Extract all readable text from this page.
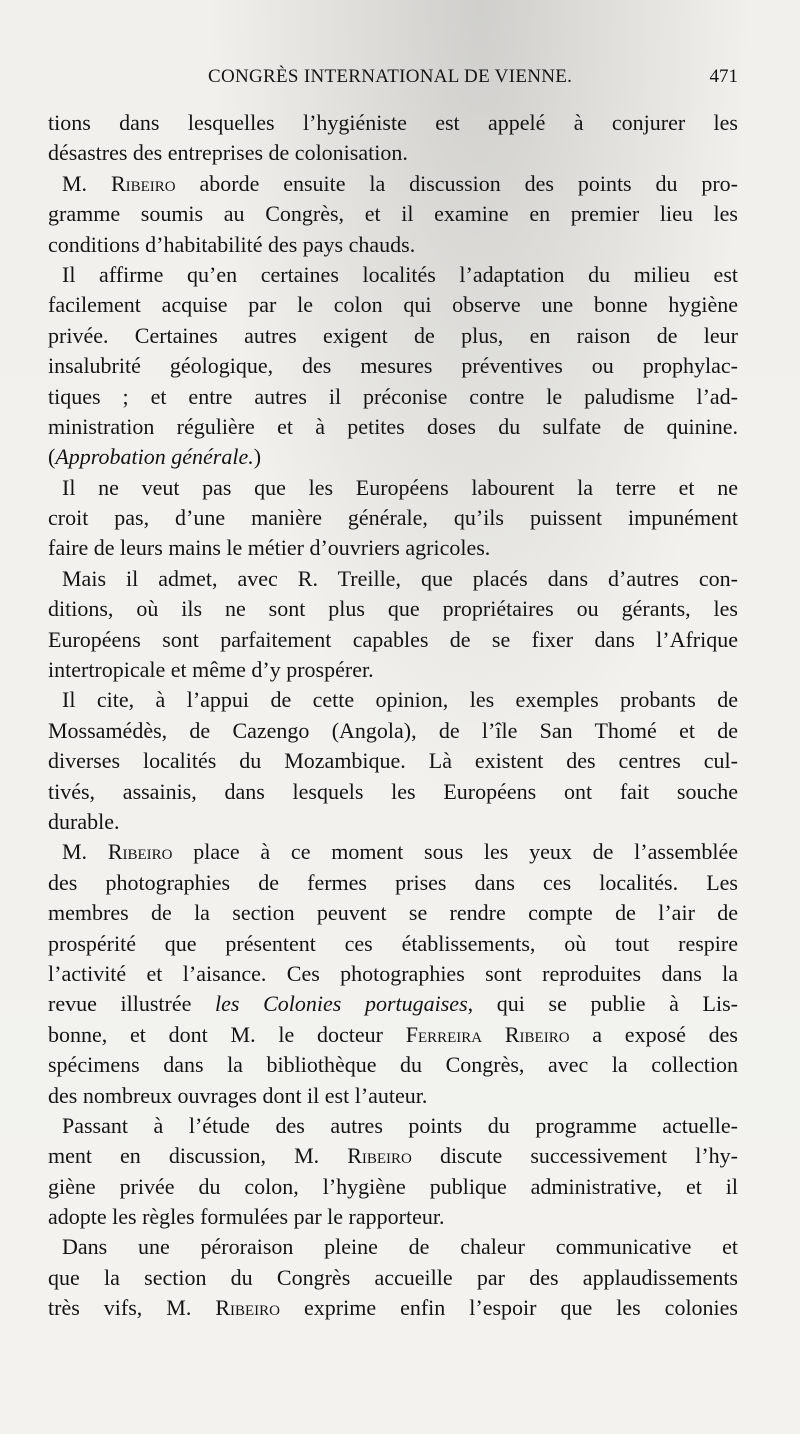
CONGRÈS INTERNATIONAL DE VIENNE.	471
tions dans lesquelles l’hygiéniste est appelé à conjurer les
désastres des entreprises de colonisation.
M. Ribeiro aborde ensuite la discussion des points du pro-
gramme soumis au Congrès, et il examine en premier lieu les
conditions d’habitabilité des pays chauds.
Il affirme qu’en certaines localités l’adaptation du milieu est
facilement acquise par le colon qui observe une bonne hygiène
privée. Certaines autres exigent de plus, en raison de leur
insalubrité géologique, des mesures préventives ou prophylac-
tiques ; et entre autres il préconise contre le paludisme l’ad-
ministration régulière et à petites doses du sulfate de quinine.
(Approbation générale.)
Il ne veut pas que les Européens labourent la terre et ne
croit pas, d’une manière générale, qu’ils puissent impunément
faire de leurs mains le métier d’ouvriers agricoles.
Mais il admet, avec R. Treille, que placés dans d’autres con-
ditions, où ils ne sont plus que propriétaires ou gérants, les
Européens sont parfaitement capables de se fixer dans l’Afrique
intertropicale et même d’y prospérer.
Il cite, à l’appui de cette opinion, les exemples probants de
Mossamédès, de Cazengo (Angola), de l’île San Thomé et de
diverses localités du Mozambique. Là existent des centres cul-
tivés, assainis, dans lesquels les Européens ont fait souche
durable.
M. Ribeiro place à ce moment sous les yeux de l’assemblée
des photographies de fermes prises dans ces localités. Les
membres de la section peuvent se rendre compte de l’air de
prospérité que présentent ces établissements, où tout respire
l’activité et l’aisance. Ces photographies sont reproduites dans la
revue illustrée les Colonies portugaises, qui se publie à Lis-
bonne, et dont M. le docteur Ferreira Ribeiro a exposé des
spécimens dans la bibliothèque du Congrès, avec la collection
des nombreux ouvrages dont il est l’auteur.
Passant à l’étude des autres points du programme actuelle-
ment en discussion, M. Ribeiro discute successivement l’hy-
giène privée du colon, l’hygiène publique administrative, et il
adopte les règles formulées par le rapporteur.
Dans une péroraison pleine de chaleur communicative et
que la section du Congrès accueille par des applaudissements
très vifs, M. Ribeiro exprime enfin l’espoir que les colonies
